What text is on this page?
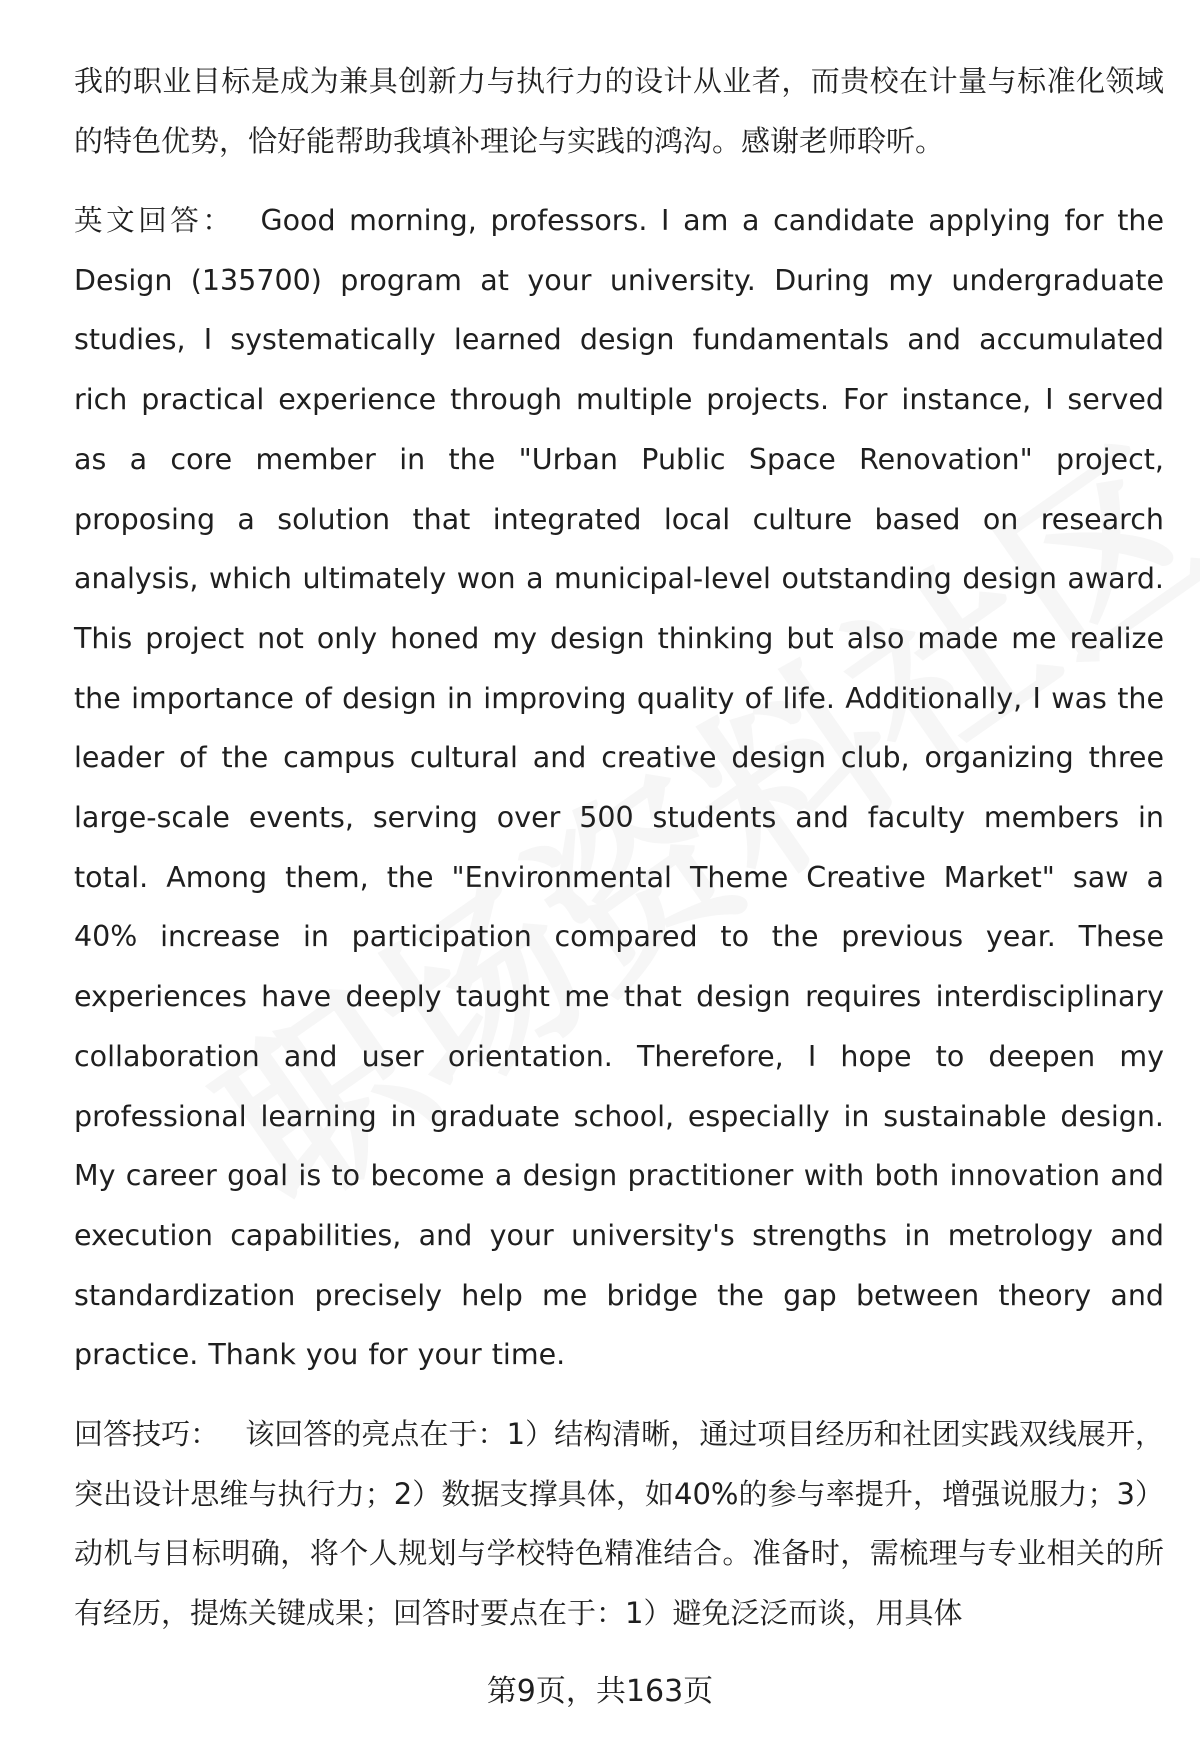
我的职业目标是成为兼具创新力与执行力的设计从业者，而贵校在计量与标准化领域的特色优势，恰好能帮助我填补理论与实践的鸿沟。感谢老师聆听。

英文回答： Good morning, professors. I am a candidate applying for the Design (135700) program at your university. During my undergraduate studies, I systematically learned design fundamentals and accumulated rich practical experience through multiple projects. For instance, I served as a core member in the "Urban Public Space Renovation" project, proposing a solution that integrated local culture based on research analysis, which ultimately won a municipal-level outstanding design award. This project not only honed my design thinking but also made me realize the importance of design in improving quality of life. Additionally, I was the leader of the campus cultural and creative design club, organizing three large-scale events, serving over 500 students and faculty members in total. Among them, the "Environmental Theme Creative Market" saw a 40% increase in participation compared to the previous year. These experiences have deeply taught me that design requires interdisciplinary collaboration and user orientation. Therefore, I hope to deepen my professional learning in graduate school, especially in sustainable design. My career goal is to become a design practitioner with both innovation and execution capabilities, and your university's strengths in metrology and standardization precisely help me bridge the gap between theory and practice. Thank you for your time.

回答技巧： 该回答的亮点在于：1）结构清晰，通过项目经历和社团实践双线展开，突出设计思维与执行力；2）数据支撑具体，如40%的参与率提升，增强说服力；3）动机与目标明确，将个人规划与学校特色精准结合。准备时，需梳理与专业相关的所有经历，提炼关键成果；回答时要点在于：1）避免泛泛而谈，用具体

第9页，共163页
